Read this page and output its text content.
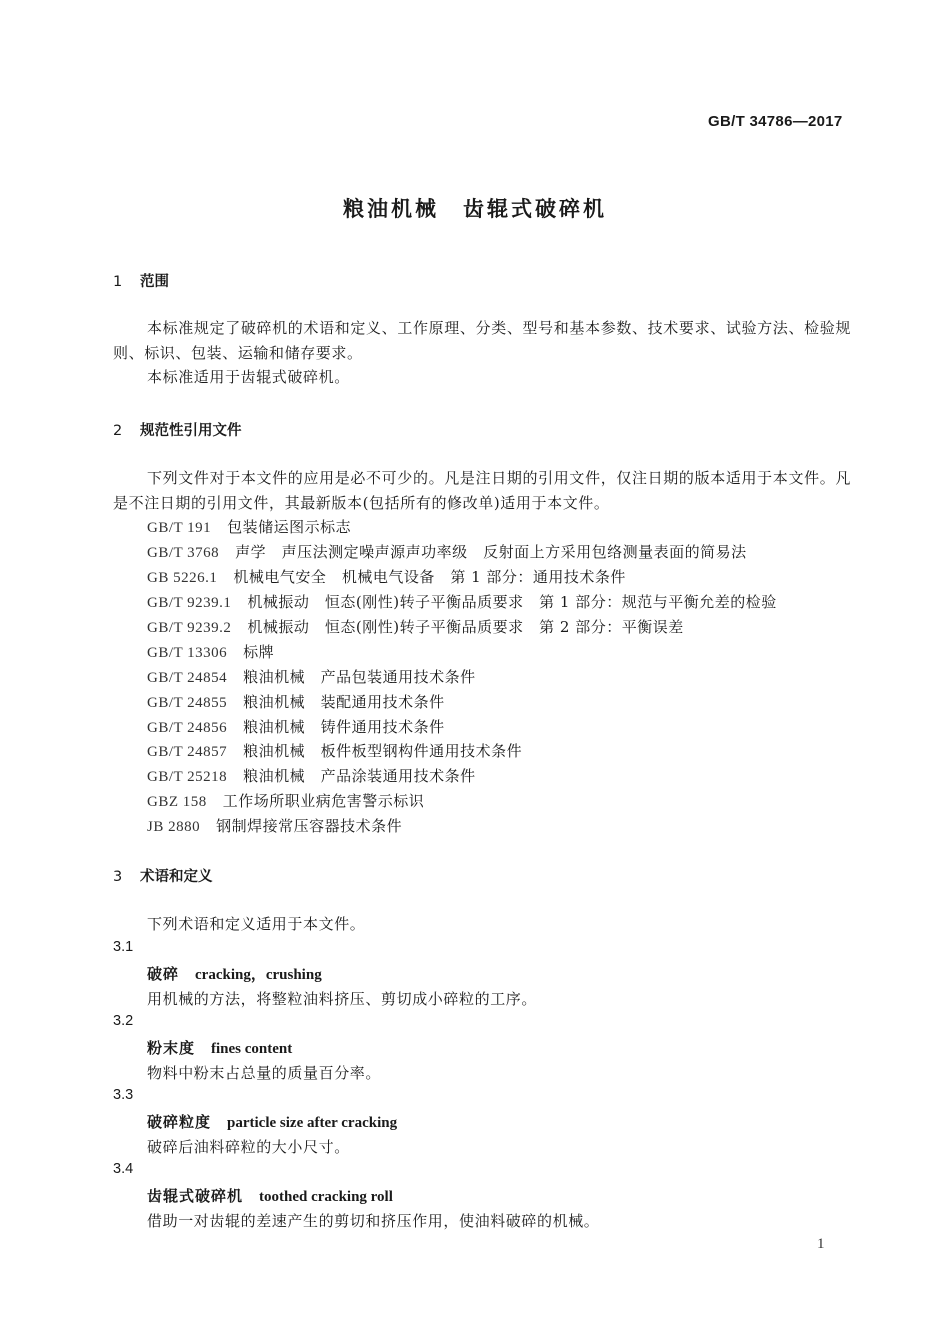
GB/T 34786—2017
粮油机械　齿辊式破碎机
1 范围
本标准规定了破碎机的术语和定义、工作原理、分类、型号和基本参数、技术要求、试验方法、检验规则、标识、包装、运输和储存要求。
本标准适用于齿辊式破碎机。
2 规范性引用文件
下列文件对于本文件的应用是必不可少的。凡是注日期的引用文件，仅注日期的版本适用于本文件。凡是不注日期的引用文件，其最新版本(包括所有的修改单)适用于本文件。
GB/T 191 包装储运图示标志
GB/T 3768 声学　声压法测定噪声源声功率级　反射面上方采用包络测量表面的简易法
GB 5226.1 机械电气安全　机械电气设备　第 1 部分：通用技术条件
GB/T 9239.1 机械振动　恒态(刚性)转子平衡品质要求　第 1 部分：规范与平衡允差的检验
GB/T 9239.2 机械振动　恒态(刚性)转子平衡品质要求　第 2 部分：平衡误差
GB/T 13306 标牌
GB/T 24854 粮油机械　产品包装通用技术条件
GB/T 24855 粮油机械　装配通用技术条件
GB/T 24856 粮油机械　铸件通用技术条件
GB/T 24857 粮油机械　板件板型钢构件通用技术条件
GB/T 25218 粮油机械　产品涂装通用技术条件
GBZ 158 工作场所职业病危害警示标识
JB 2880 钢制焊接常压容器技术条件
3 术语和定义
下列术语和定义适用于本文件。
3.1
破碎 cracking，crushing
用机械的方法，将整粒油料挤压、剪切成小碎粒的工序。
3.2
粉末度 fines content
物料中粉末占总量的质量百分率。
3.3
破碎粒度 particle size after cracking
破碎后油料碎粒的大小尺寸。
3.4
齿辊式破碎机 toothed cracking roll
借助一对齿辊的差速产生的剪切和挤压作用，使油料破碎的机械。
1
